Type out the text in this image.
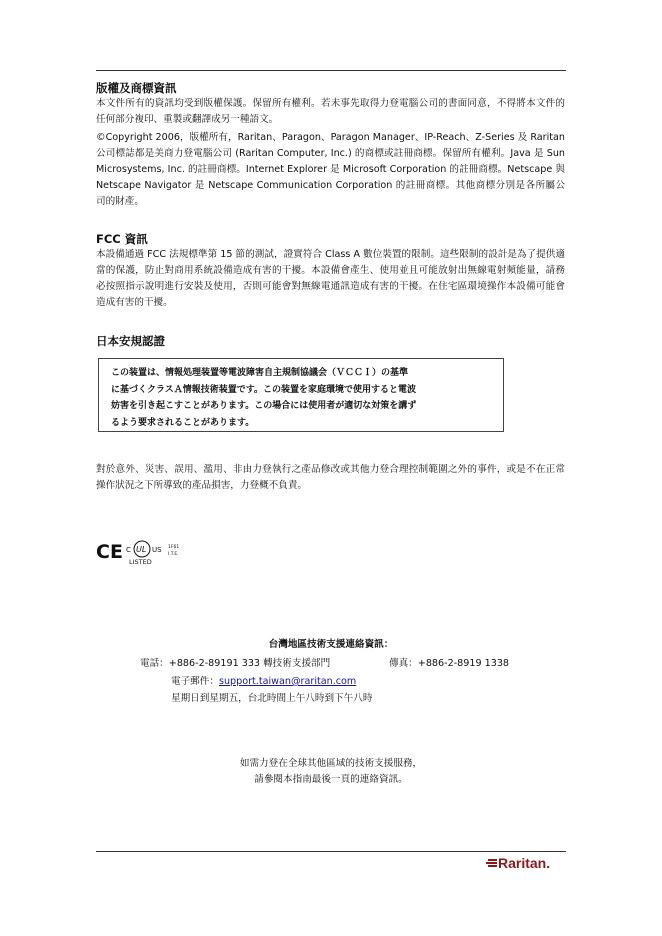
版權及商標資訊

本文件所有的資訊均受到版權保護。保留所有權利。若未事先取得力登電腦公司的書面同意，不得將本文件的任何部分複印、重製或翻譯成另一種語文。

©Copyright 2006，版權所有，Raritan、Paragon、Paragon Manager、IP-Reach、Z-Series 及 Raritan 公司標誌都是美商力登電腦公司 (Raritan Computer, Inc.) 的商標或註冊商標。保留所有權利。Java 是 Sun Microsystems, Inc. 的註冊商標。Internet Explorer 是 Microsoft Corporation 的註冊商標。Netscape 與 Netscape Navigator 是 Netscape Communication Corporation 的註冊商標。其他商標分別是各所屬公司的財產。

FCC 資訊

本設備通過 FCC 法規標準第 15 節的測試，證實符合 Class A 數位裝置的限制。這些限制的設計是為了提供適當的保護，防止對商用系統設備造成有害的干擾。本設備會產生、使用並且可能放射出無線電射頻能量，請務必按照指示說明進行安裝及使用，否則可能會對無線電通訊造成有害的干擾。在住宅區環境操作本設備可能會造成有害的干擾。

日本安規認證
この装置は、情報処理装置等電波障害自主規制協議会（ＶＣＣＩ）の基準
に基づくクラスＡ情報技術装置です。この装置を家庭環境で使用すると電波
妨害を引き起こすことがあります。この場合には使用者が適切な対策を講ず
るよう要求されることがあります。

對於意外、災害、誤用、濫用、非由力登執行之產品修改或其他力登合理控制範圍之外的事件，或是不在正常操作狀況之下所導致的產品損害，力登概不負責。

CE C UL US
LISTED
1F61
I.T.E.
台灣地區技術支援連絡資訊：
電話：+886-2-89191 333 轉技術支援部門	傳真：+886-2-8919 1338
電子郵件：support.taiwan@raritan.com
星期日到星期五，台北時間上午八時到下午八時
如需力登在全球其他區域的技術支援服務，
請參閱本指南最後一頁的連絡資訊。
Raritan.
